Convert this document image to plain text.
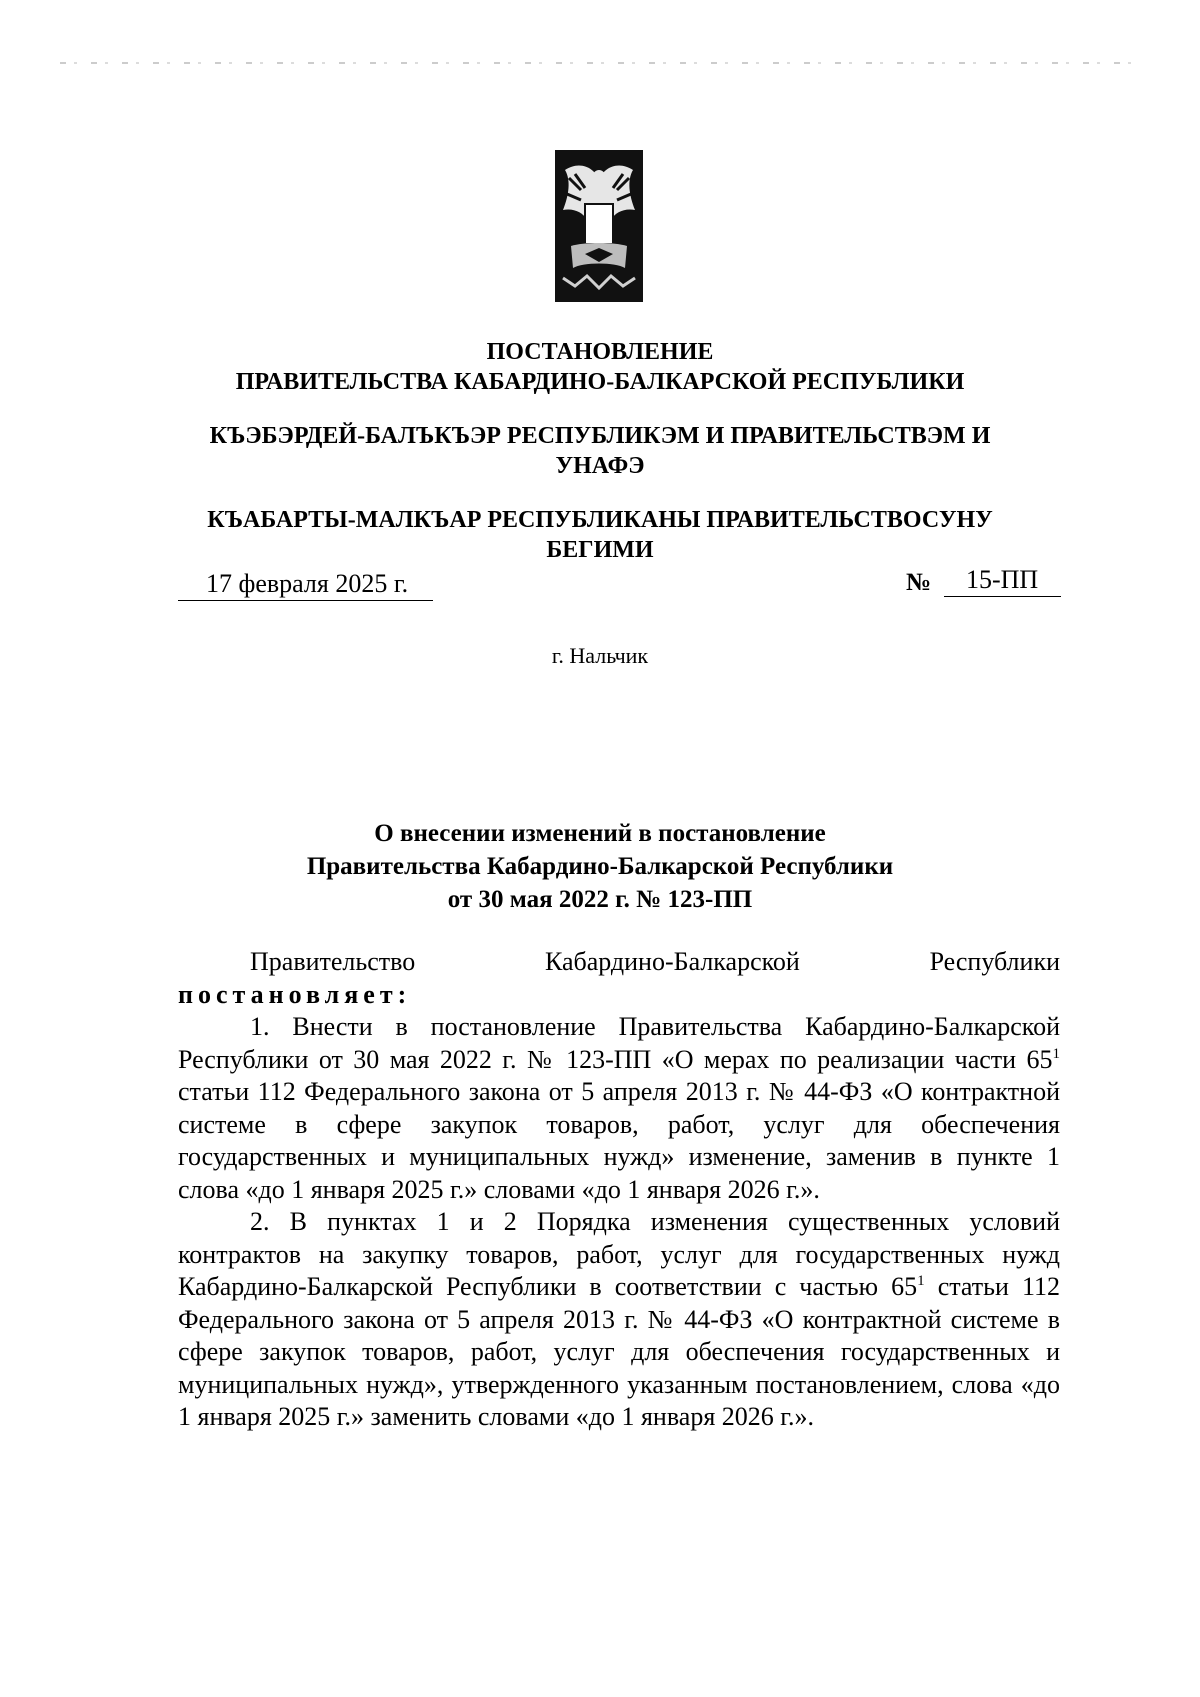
ПОСТАНОВЛЕНИЕ
ПРАВИТЕЛЬСТВА КАБАРДИНО-БАЛКАРСКОЙ РЕСПУБЛИКИ
КЪЭБЭРДЕЙ-БАЛЪКЪЭР РЕСПУБЛИКЭМ И ПРАВИТЕЛЬСТВЭМ И
УНАФЭ
КЪАБАРТЫ-МАЛКЪАР РЕСПУБЛИКАНЫ ПРАВИТЕЛЬСТВОСУНУ
БЕГИМИ
17 февраля 2025 г.	№	15-ПП
г. Нальчик
О внесении изменений в постановление
Правительства Кабардино-Балкарской Республики
от 30 мая 2022 г. № 123-ПП
Правительство	Кабардино-Балкарской	Республики

постановляет:

1. Внести в постановление Правительства Кабардино-Балкарской Республики от 30 мая 2022 г. № 123-ПП «О мерах по реализации части $65^1$ статьи 112 Федерального закона от 5 апреля 2013 г. № 44-ФЗ «О контрактной системе в сфере закупок товаров, работ, услуг для обеспечения государственных и муниципальных нужд» изменение, заменив в пункте 1 слова «до 1 января 2025 г.» словами «до 1 января 2026 г.».

2. В пунктах 1 и 2 Порядка изменения существенных условий контрактов на закупку товаров, работ, услуг для государственных нужд Кабардино-Балкарской Республики в соответствии с частью $65^1$ статьи 112 Федерального закона от 5 апреля 2013 г. № 44-ФЗ «О контрактной системе в сфере закупок товаров, работ, услуг для обеспечения государственных и муниципальных нужд», утвержденного указанным постановлением, слова «до 1 января 2025 г.» заменить словами «до 1 января 2026 г.».
